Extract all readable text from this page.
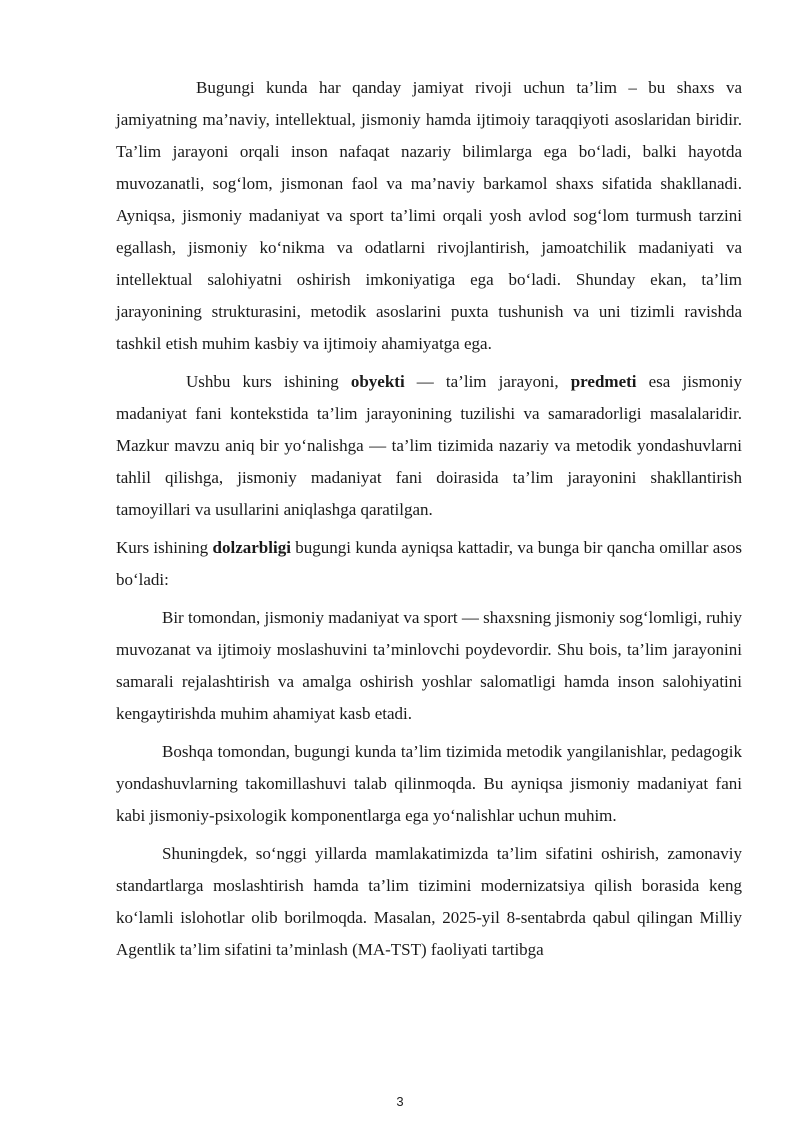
Bugungi kunda har qanday jamiyat rivoji uchun ta’lim – bu shaxs va jamiyatning ma’naviy, intellektual, jismoniy hamda ijtimoiy taraqqiyoti asoslaridan biridir. Ta’lim jarayoni orqali inson nafaqat nazariy bilimlarga ega bo‘ladi, balki hayotda muvozanatli, sog‘lom, jismonan faol va ma’naviy barkamol shaxs sifatida shakllanadi. Ayniqsa, jismoniy madaniyat va sport ta’limi orqali yosh avlod sog‘lom turmush tarzini egallash, jismoniy ko‘nikma va odatlarni rivojlantirish, jamoatchilik madaniyati va intellektual salohiyatni oshirish imkoniyatiga ega bo‘ladi. Shunday ekan, ta’lim jarayonining strukturasini, metodik asoslarini puxta tushunish va uni tizimli ravishda tashkil etish muhim kasbiy va ijtimoiy ahamiyatga ega.

Ushbu kurs ishining obyekti — ta’lim jarayoni, predmeti esa jismoniy madaniyat fani kontekstida ta’lim jarayonining tuzilishi va samaradorligi masalalaridir. Mazkur mavzu aniq bir yo‘nalishga — ta’lim tizimida nazariy va metodik yondashuvlarni tahlil qilishga, jismoniy madaniyat fani doirasida ta’lim jarayonini shakllantirish tamoyillari va usullarini aniqlashga qaratilgan.

Kurs ishining dolzarbligi bugungi kunda ayniqsa kattadir, va bunga bir qancha omillar asos bo‘ladi:

Bir tomondan, jismoniy madaniyat va sport — shaxsning jismoniy sog‘lomligi, ruhiy muvozanat va ijtimoiy moslashuvini ta’minlovchi poydevordir. Shu bois, ta’lim jarayonini samarali rejalashtirish va amalga oshirish yoshlar salomatligi hamda inson salohiyatini kengaytirishda muhim ahamiyat kasb etadi.

Boshqa tomondan, bugungi kunda ta’lim tizimida metodik yangilanishlar, pedagogik yondashuvlarning takomillashuvi talab qilinmoqda. Bu ayniqsa jismoniy madaniyat fani kabi jismoniy-psixologik komponentlarga ega yo‘nalishlar uchun muhim.

Shuningdek, so‘nggi yillarda mamlakatimizda ta’lim sifatini oshirish, zamonaviy standartlarga moslashtirish hamda ta’lim tizimini modernizatsiya qilish borasida keng ko‘lamli islohotlar olib borilmoqda. Masalan, 2025-yil 8-sentabrda qabul qilingan Milliy Agentlik ta’lim sifatini ta’minlash (MA-TST) faoliyati tartibga

3
